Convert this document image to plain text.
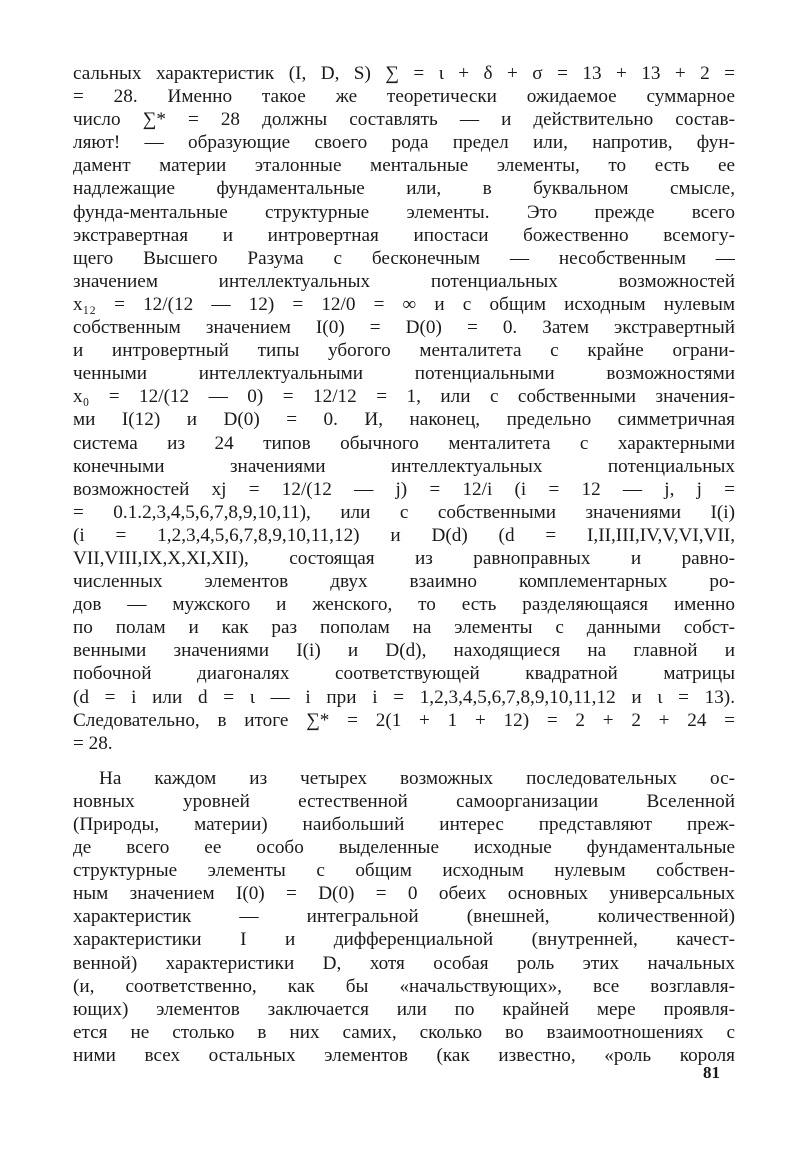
сальных характеристик (I, D, S) ∑ = ι + δ + σ = 13 + 13 + 2 =
= 28. Именно такое же теоретически ожидаемое суммарное
число ∑* = 28 должны составлять — и действительно состав-
ляют! — образующие своего рода предел или, напротив, фун-
дамент материи эталонные ментальные элементы, то есть ее
надлежащие фундаментальные или, в буквальном смысле,
фунда-ментальные структурные элементы. Это прежде всего
экстравертная и интровертная ипостаси божественно всемогу-
щего Высшего Разума с бесконечным — несобственным —
значением интеллектуальных потенциальных возможностей
x₁₂ = 12/(12 — 12) = 12/0 = ∞ и с общим исходным нулевым
собственным значением I(0) = D(0) = 0. Затем экстравертный
и интровертный типы убогого менталитета с крайне ограни-
ченными интеллектуальными потенциальными возможностями
x₀ = 12/(12 — 0) = 12/12 = 1, или с собственными значения-
ми I(12) и D(0) = 0. И, наконец, предельно симметричная
система из 24 типов обычного менталитета с характерными
конечными значениями интеллектуальных потенциальных
возможностей xj = 12/(12 — j) = 12/i (i = 12 — j, j =
= 0.1.2,3,4,5,6,7,8,9,10,11), или с собственными значениями I(i)
(i = 1,2,3,4,5,6,7,8,9,10,11,12) и D(d) (d = I,II,III,IV,V,VI,VII,
VII,VIII,IX,X,XI,XII), состоящая из равноправных и равно-
численных элементов двух взаимно комплементарных ро-
дов — мужского и женского, то есть разделяющаяся именно
по полам и как раз пополам на элементы с данными собст-
венными значениями I(i) и D(d), находящиеся на главной и
побочной диагоналях соответствующей квадратной матрицы
(d = i или d = ι — i при i = 1,2,3,4,5,6,7,8,9,10,11,12 и ι = 13).
Следовательно, в итоге ∑* = 2(1 + 1 + 12) = 2 + 2 + 24 =
= 28.
На каждом из четырех возможных последовательных ос-
новных уровней естественной самоорганизации Вселенной
(Природы, материи) наибольший интерес представляют преж-
де всего ее особо выделенные исходные фундаментальные
структурные элементы с общим исходным нулевым собствен-
ным значением I(0) = D(0) = 0 обеих основных универсальных
характеристик — интегральной (внешней, количественной)
характеристики I и дифференциальной (внутренней, качест-
венной) характеристики D, хотя особая роль этих начальных
(и, соответственно, как бы «начальствующих», все возглавля-
ющих) элементов заключается или по крайней мере проявля-
ется не столько в них самих, сколько во взаимоотношениях с
ними всех остальных элементов (как известно, «роль короля
81
